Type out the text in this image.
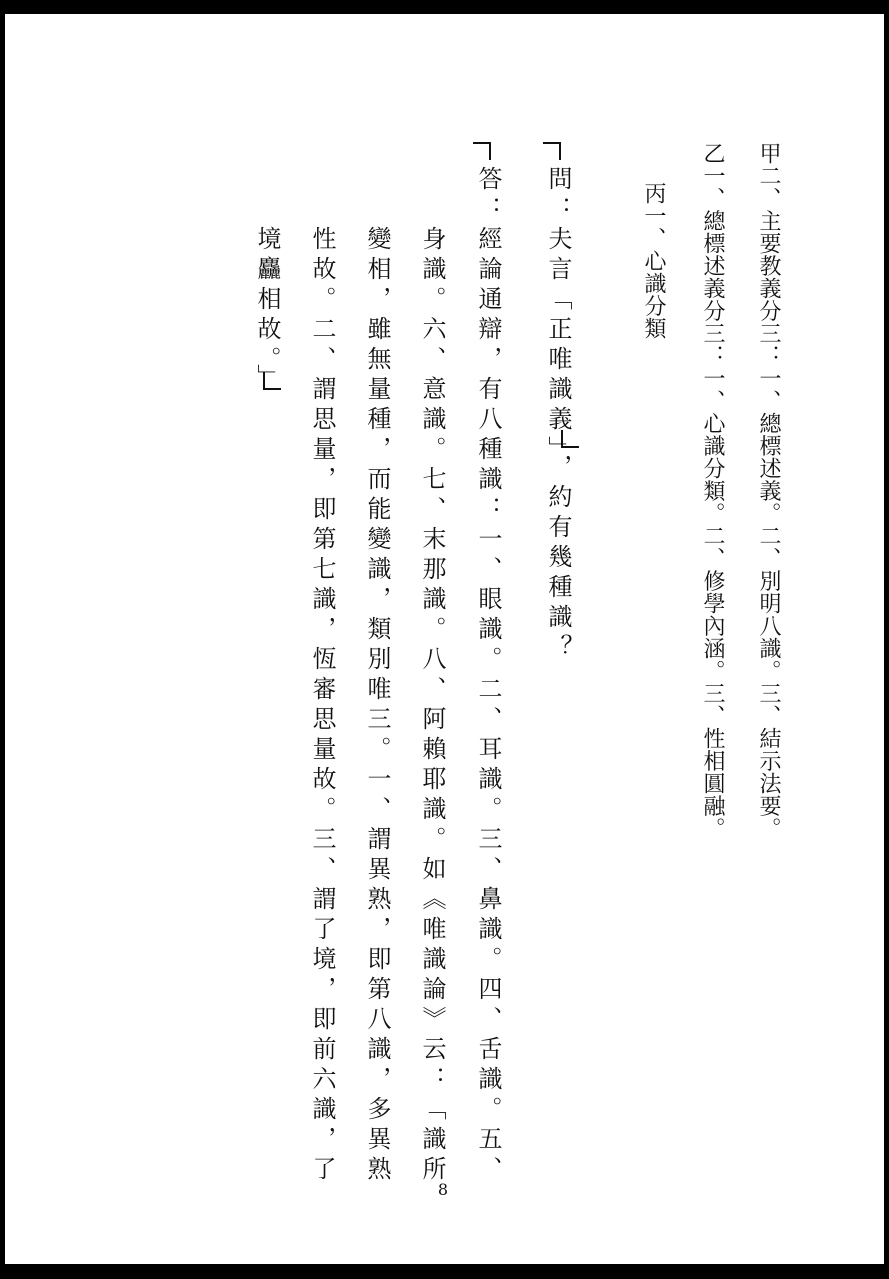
甲二、主要教義分三：一、總標述義。二、別明八識。三、結示法要。
乙一、總標述義分三：一、心識分類。二、修學內涵。三、性相圓融。
丙一、心識分類
問：夫言「正唯識義」，約有幾種識？
答：經論通辯，有八種識：一、眼識。二、耳識。三、鼻識。四、舌識。五、
身識。六、意識。七、末那識。八、阿賴耶識。如《唯識論》云：「識所
變相，雖無量種，而能變識，類別唯三。一、謂異熟，即第八識，多異熟
性故。二、謂思量，即第七識，恆審思量故。三、謂了境，即前六識，了
境麤相故。」
8
